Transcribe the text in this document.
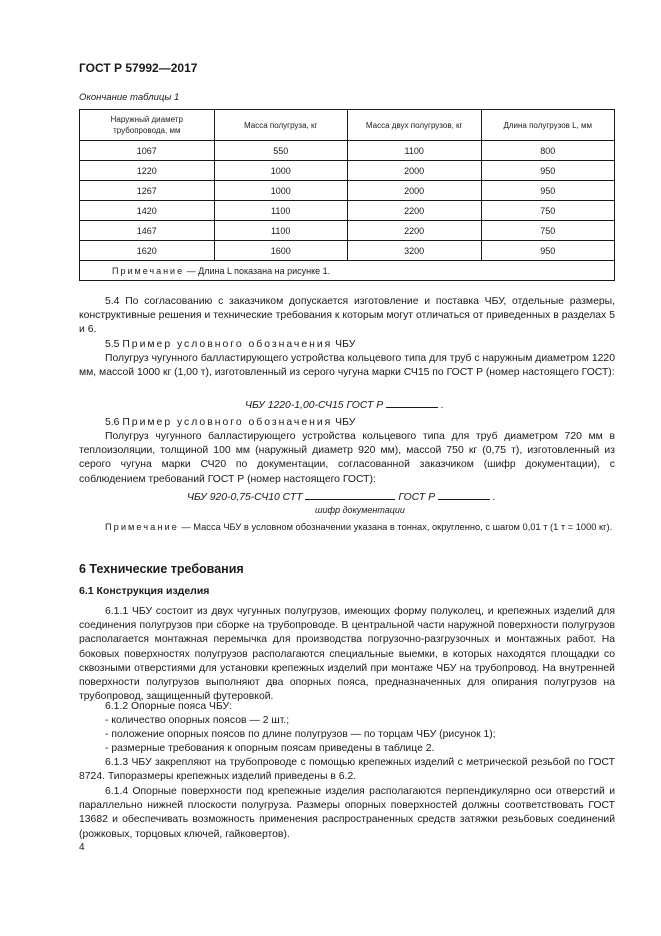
ГОСТ Р 57992—2017
Окончание таблицы 1
Наружный диаметр трубопровода, мм	Масса полугруза, кг	Масса двух полугрузов, кг	Длина полугрузов L, мм
1067	550	1100	800
1220	1000	2000	950
1267	1000	2000	950
1420	1100	2200	750
1467	1100	2200	750
1620	1600	3200	950
Примечание — Длина L показана на рисунке 1.			
5.4 По согласованию с заказчиком допускается изготовление и поставка ЧБУ, отдельные размеры, конструктивные решения и технические требования к которым могут отличаться от приведенных в разделах 5 и 6.
5.5 Пример условного обозначения ЧБУ
Полугруз чугунного балластирующего устройства кольцевого типа для труб с наружным диаметром 1220 мм, массой 1000 кг (1,00 т), изготовленный из серого чугуна марки СЧ15 по ГОСТ Р (номер настоящего ГОСТ):
ЧБУ 1220-1,00-СЧ15 ГОСТ Р	.
5.6 Пример условного обозначения ЧБУ
Полугруз чугунного балластирующего устройства кольцевого типа для труб диаметром 720 мм в теплоизоляции, толщиной 100 мм (наружный диаметр 920 мм), массой 750 кг (0,75 т), изготовленный из серого чугуна марки СЧ20 по документации, согласованной заказчиком (шифр документации), с соблюдением требований ГОСТ Р (номер настоящего ГОСТ):
ЧБУ 920-0,75-СЧ10 СТТ	ГОСТ Р	.
шифр документации
Примечание — Масса ЧБУ в условном обозначении указана в тоннах, округленно, с шагом 0,01 т (1 т = 1000 кг).
6 Технические требования
6.1 Конструкция изделия
6.1.1 ЧБУ состоит из двух чугунных полугрузов, имеющих форму полуколец, и крепежных изделий для соединения полугрузов при сборке на трубопроводе. В центральной части наружной поверхности полугрузов располагается монтажная перемычка для производства погрузочно-разгрузочных и монтажных работ. На боковых поверхностях полугрузов располагаются специальные выемки, в которых находятся площадки со сквозными отверстиями для установки крепежных изделий при монтаже ЧБУ на трубопровод. На внутренней поверхности полугрузов выполняют два опорных пояса, предназначенных для опирания полугрузов на трубопровод, защищенный футеровкой.
6.1.2 Опорные пояса ЧБУ:
- количество опорных поясов — 2 шт.;
- положение опорных поясов по длине полугрузов — по торцам ЧБУ (рисунок 1);
- размерные требования к опорным поясам приведены в таблице 2.
6.1.3 ЧБУ закрепляют на трубопроводе с помощью крепежных изделий с метрической резьбой по ГОСТ 8724. Типоразмеры крепежных изделий приведены в 6.2.
6.1.4 Опорные поверхности под крепежные изделия располагаются перпендикулярно оси отверстий и параллельно нижней плоскости полугруза. Размеры опорных поверхностей должны соответствовать ГОСТ 13682 и обеспечивать возможность применения распространенных средств затяжки резьбовых соединений (рожковых, торцовых ключей, гайковертов).
4
